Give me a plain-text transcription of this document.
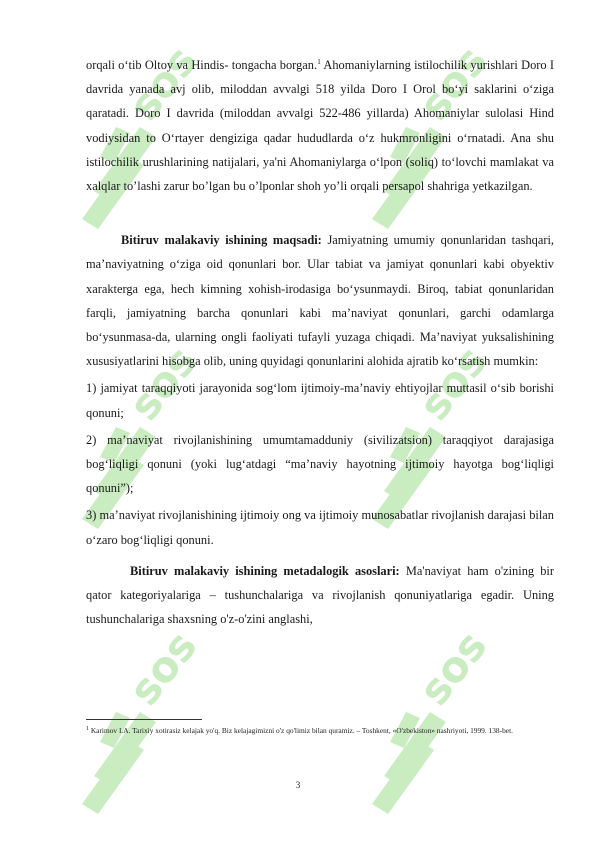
orqali o‘tib Oltoy va Hindis- tongacha borgan.$^1$ Ahomaniylarning istilochilik yurishlari Doro I davrida yanada avj olib, miloddan avvalgi 518 yilda Doro I Orol bo‘yi saklarini o‘ziga qaratadi. Doro I davrida (miloddan avvalgi 522-486 yillarda) Ahomaniylar sulolasi Hind vodiysidan to O‘rtayer dengiziga qadar hududlarda o‘z hukmronligini o‘rnatadi. Ana shu istilochilik urushlarining natijalari, ya'ni Ahomaniylarga o‘lpon (soliq) to‘lovchi mamlakat va xalqlar to’lashi zarur bo’lgan bu o’lponlar shoh yo’li orqali persapol shahriga yetkazilgan.

Bitiruv malakaviy ishining maqsadi: Jamiyatning umumiy qonunlaridan tashqari, ma’naviyatning o‘ziga oid qonunlari bor. Ular tabiat va jamiyat qonunlari kabi obyektiv xarakterga ega, hech kimning xohish-irodasiga bo‘ysunmaydi. Biroq, tabiat qonunlaridan farqli, jamiyatning barcha qonunlari kabi ma’naviyat qonunlari, garchi odamlarga bo‘ysunmasa-da, ularning ongli faoliyati tufayli yuzaga chiqadi. Ma’naviyat yuksalishining xususiyatlarini hisobga olib, uning quyidagi qonunlarini alohida ajratib ko‘rsatish mumkin:

1) jamiyat taraqqiyoti jarayonida sog‘lom ijtimoiy-ma’naviy ehtiyojlar muttasil o‘sib borishi qonuni;

2) ma’naviyat rivojlanishining umumtamadduniy (sivilizatsion) taraqqiyot darajasiga bog‘liqligi qonuni (yoki lug‘atdagi “ma’naviy hayotning ijtimoiy hayotga bog‘liqligi qonuni”);

3) ma’naviyat rivojlanishining ijtimoiy ong va ijtimoiy munosabatlar rivojlanish darajasi bilan o‘zaro bog‘liqligi qonuni.

Bitiruv malakaviy ishining metadalogik asoslari: Ma'naviyat ham o'zining bir qator kategoriyalariga – tushunchalariga va rivojlanish qonuniyatlariga egadir. Uning tushunchalariga shaxsning o'z-o'zini anglashi,

$^1$ Karimov I.A. Tarixiy xotirasiz kelajak yo'q. Biz kelajagimizni o'z qo'limiz bilan quramiz. – Toshkent, «O'zbekiston» nashriyoti, 1999. 138-bet.
3
